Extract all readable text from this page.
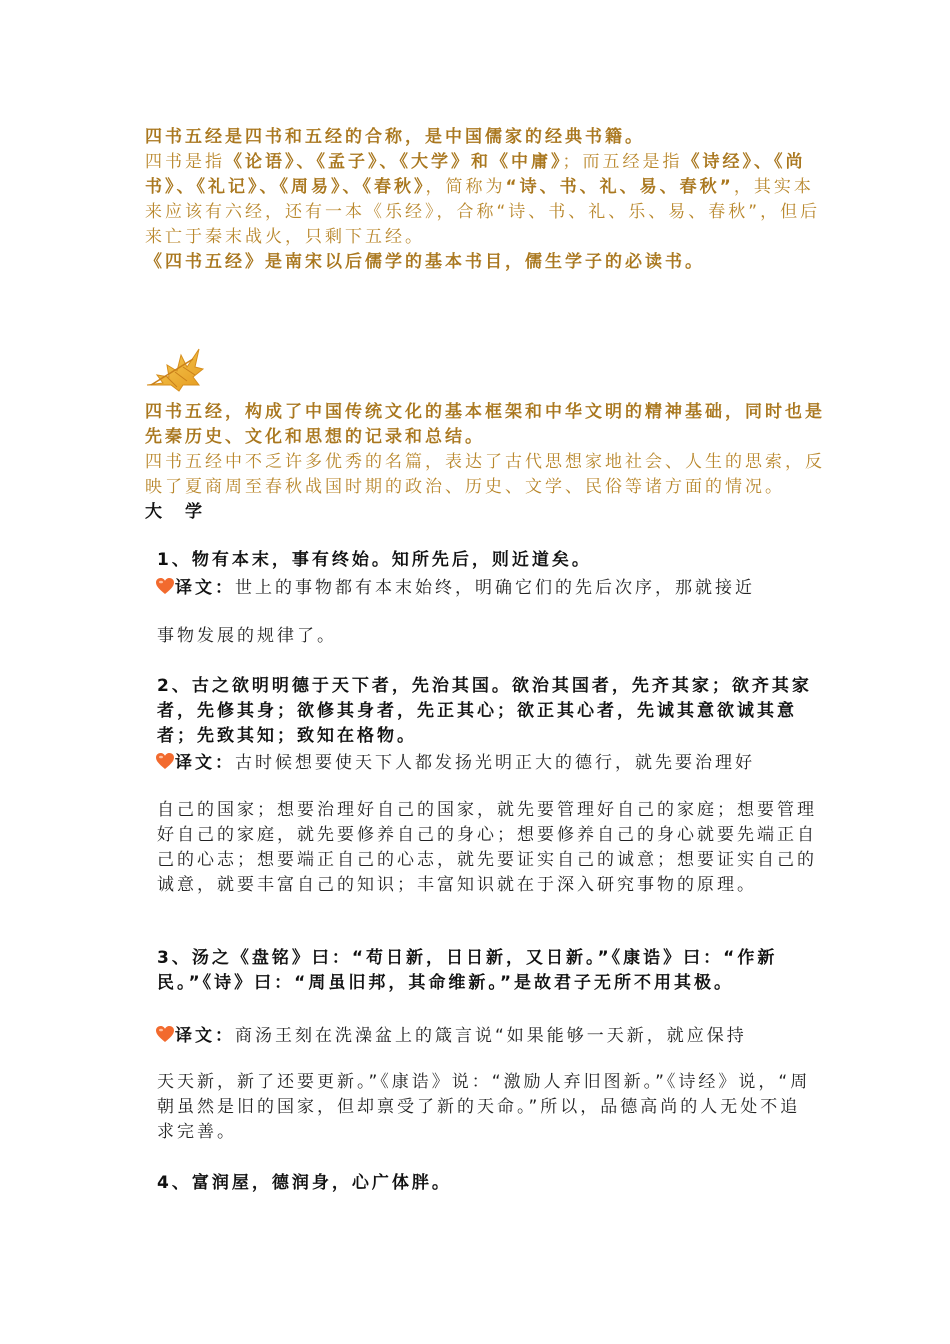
四书五经是四书和五经的合称，是中国儒家的经典书籍。
四书是指《论语》、《孟子》、《大学》和《中庸》；而五经是指《诗经》、《尚书》、《礼记》、《周易》、《春秋》，简称为“诗、书、礼、易、春秋”，其实本来应该有六经，还有一本《乐经》，合称“诗、书、礼、乐、易、春秋”，但后来亡于秦末战火，只剩下五经。
《四书五经》是南宋以后儒学的基本书目，儒生学子的必读书。

四书五经，构成了中国传统文化的基本框架和中华文明的精神基础，同时也是先秦历史、文化和思想的记录和总结。
四书五经中不乏许多优秀的名篇，表达了古代思想家地社会、人生的思索，反映了夏商周至春秋战国时期的政治、历史、文学、民俗等诸方面的情况。
大　学

1、物有本末，事有终始。知所先后，则近道矣。

译文：世上的事物都有本末始终，明确它们的先后次序，那就接近

事物发展的规律了。

2、古之欲明明德于天下者，先治其国。欲治其国者，先齐其家；欲齐其家者，先修其身；欲修其身者，先正其心；欲正其心者，先诚其意欲诚其意者；先致其知；致知在格物。

译文：古时候想要使天下人都发扬光明正大的德行，就先要治理好

自己的国家；想要治理好自己的国家，就先要管理好自己的家庭；想要管理好自己的家庭，就先要修养自己的身心；想要修养自己的身心就要先端正自己的心志；想要端正自己的心志，就先要证实自己的诚意；想要证实自己的诚意，就要丰富自己的知识；丰富知识就在于深入研究事物的原理。

3、汤之《盘铭》曰：“苟日新，日日新，又日新。”《康诰》曰：“作新民。”《诗》曰：“周虽旧邦，其命维新。”是故君子无所不用其极。

译文：商汤王刻在洗澡盆上的箴言说“如果能够一天新，就应保持

天天新，新了还要更新。”《康诰》说：“激励人弃旧图新。”《诗经》说，“周朝虽然是旧的国家，但却禀受了新的天命。”所以，品德高尚的人无处不追求完善。

4、富润屋，德润身，心广体胖。
